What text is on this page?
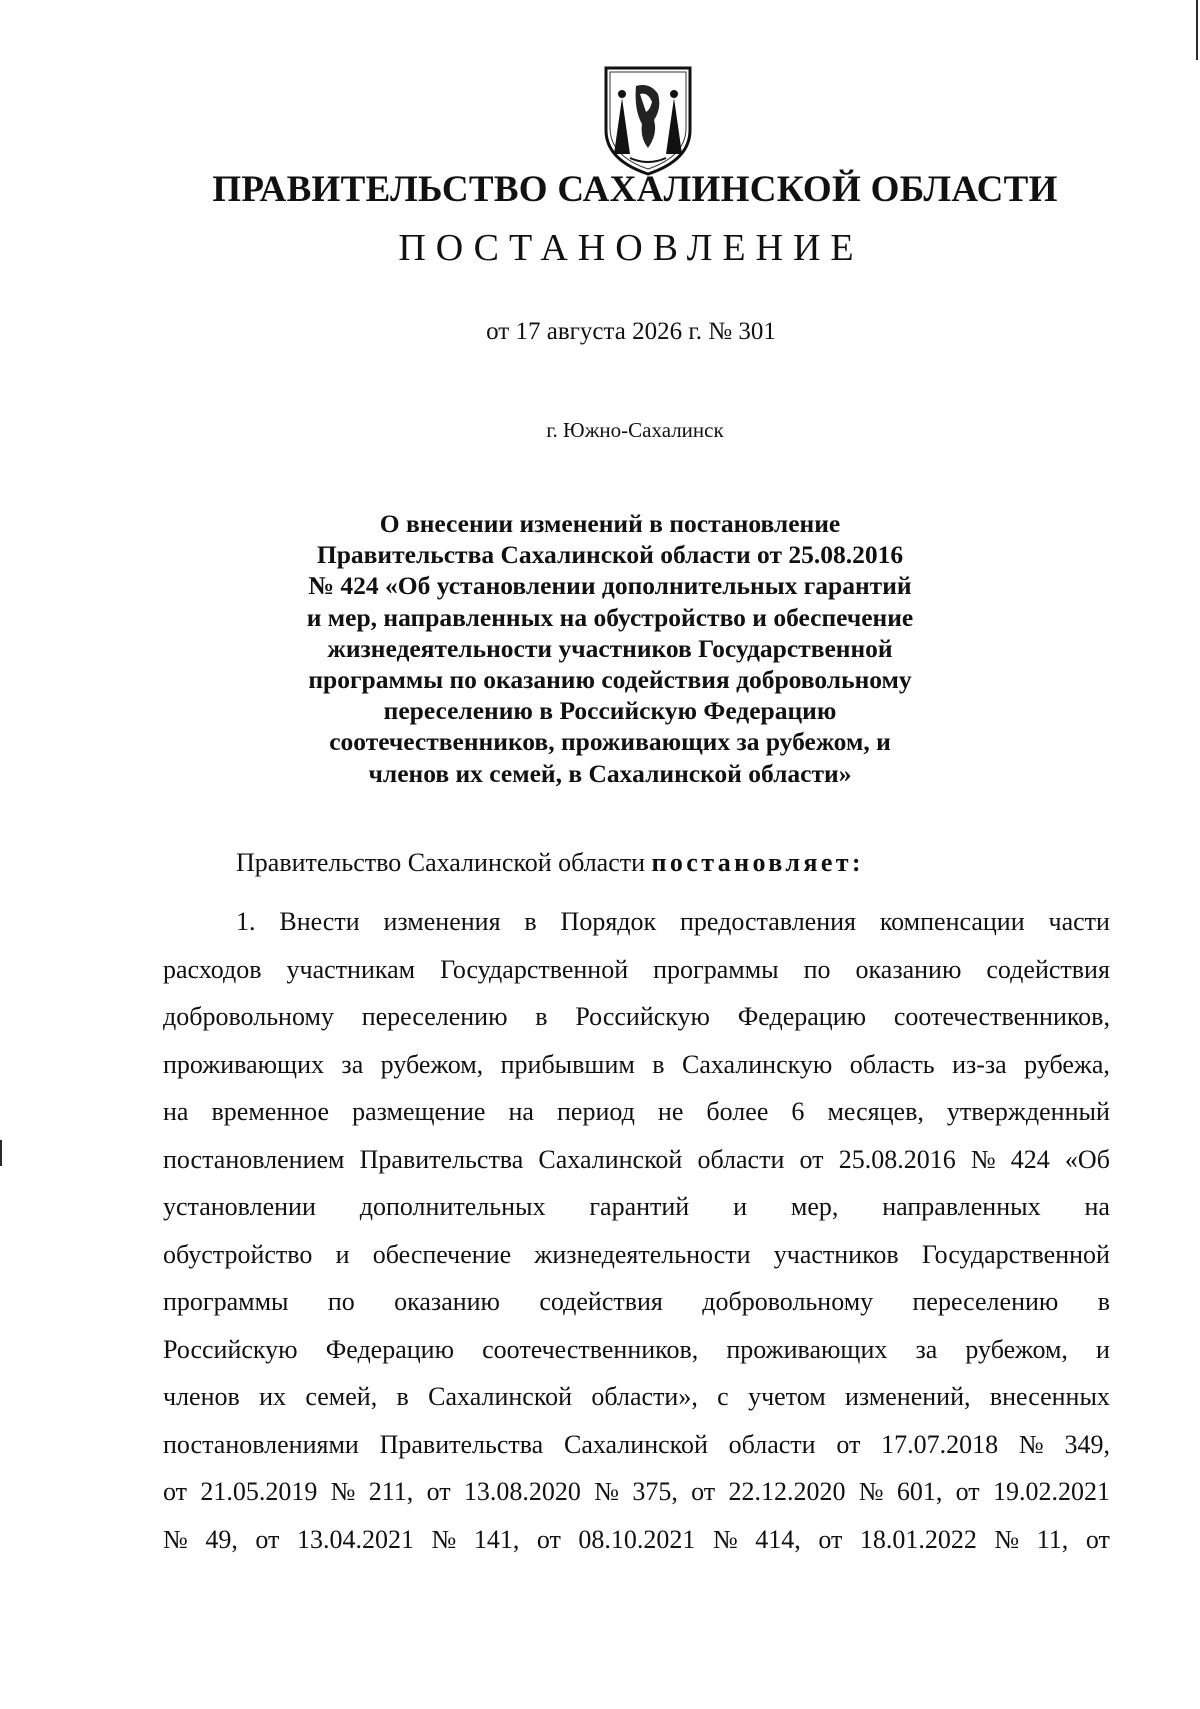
ПРАВИТЕЛЬСТВО САХАЛИНСКОЙ ОБЛАСТИ
ПОСТАНОВЛЕНИЕ
от 17 августа 2026 г. № 301
г. Южно-Сахалинск
О внесении изменений в постановление
Правительства Сахалинской области от 25.08.2016
№ 424 «Об установлении дополнительных гарантий
и мер, направленных на обустройство и обеспечение
жизнедеятельности участников Государственной
программы по оказанию содействия добровольному
переселению в Российскую Федерацию
соотечественников, проживающих за рубежом, и
членов их семей, в Сахалинской области»
Правительство Сахалинской области постановляет:
1. Внести изменения в Порядок предоставления компенсации части
расходов участникам Государственной программы по оказанию содействия
добровольному переселению в Российскую Федерацию соотечественников,
проживающих за рубежом, прибывшим в Сахалинскую область из-за рубежа,
на временное размещение на период не более 6 месяцев, утвержденный
постановлением Правительства Сахалинской области от 25.08.2016 № 424 «Об
установлении дополнительных гарантий и мер, направленных на
обустройство и обеспечение жизнедеятельности участников Государственной
программы по оказанию содействия добровольному переселению в
Российскую Федерацию соотечественников, проживающих за рубежом, и
членов их семей, в Сахалинской области», с учетом изменений, внесенных
постановлениями Правительства Сахалинской области от 17.07.2018 № 349,
от 21.05.2019 № 211, от 13.08.2020 № 375, от 22.12.2020 № 601, от 19.02.2021
№ 49, от 13.04.2021 № 141, от 08.10.2021 № 414, от 18.01.2022 № 11, от
